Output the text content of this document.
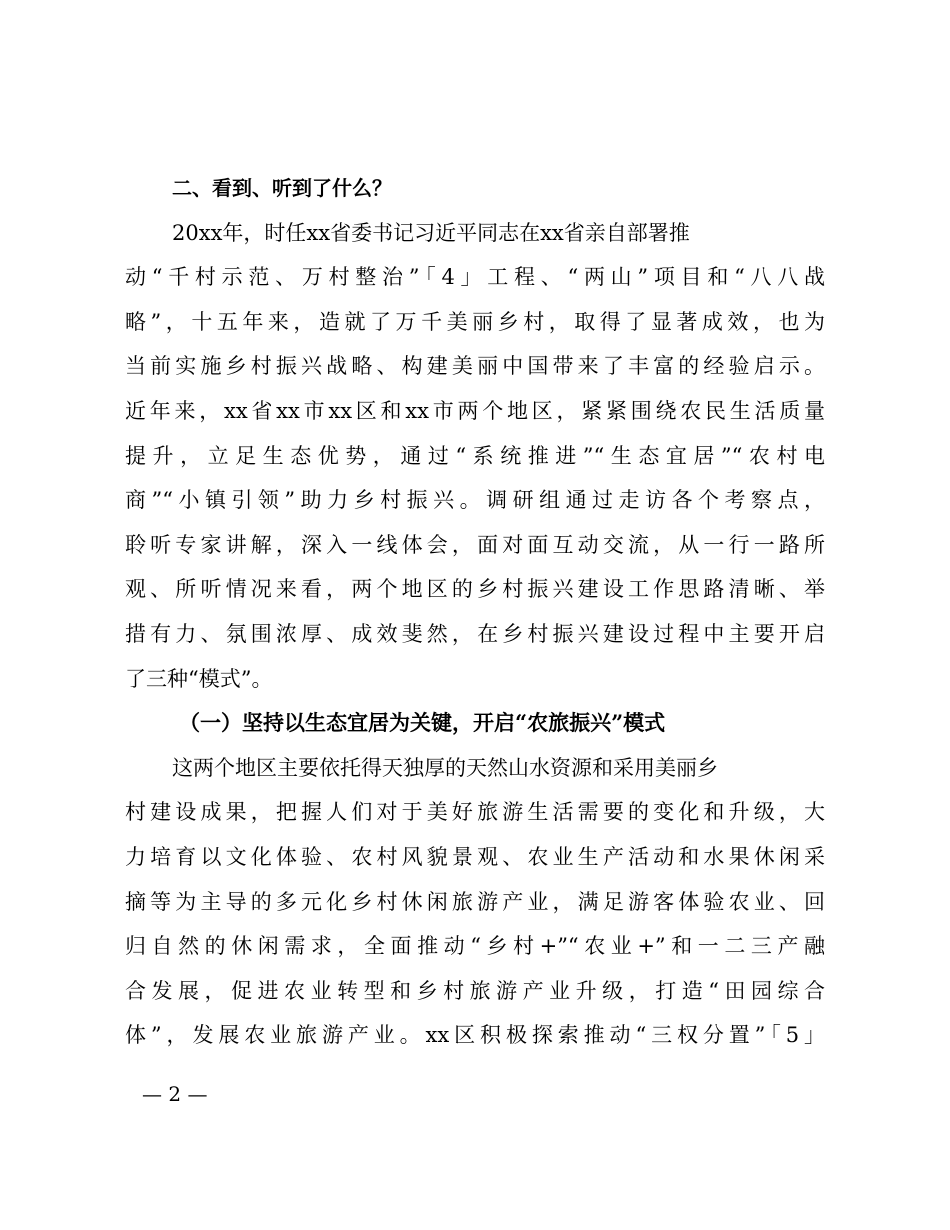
二、看到、听到了什么？
20xx年，时任xx省委书记习近平同志在xx省亲自部署推
动“千村示范、万村整治”「4」工程、“两山”项目和“八八战
略”，十五年来，造就了万千美丽乡村，取得了显著成效，也为
当前实施乡村振兴战略、构建美丽中国带来了丰富的经验启示。
近年来，xx省xx市xx区和xx市两个地区，紧紧围绕农民生活质量
提升，立足生态优势，通过“系统推进”“生态宜居”“农村电
商”“小镇引领”助力乡村振兴。调研组通过走访各个考察点，
聆听专家讲解，深入一线体会，面对面互动交流，从一行一路所
观、所听情况来看，两个地区的乡村振兴建设工作思路清晰、举
措有力、氛围浓厚、成效斐然，在乡村振兴建设过程中主要开启
了三种“模式”。
（一）坚持以生态宜居为关键，开启“农旅振兴”模式
这两个地区主要依托得天独厚的天然山水资源和采用美丽乡
村建设成果，把握人们对于美好旅游生活需要的变化和升级，大
力培育以文化体验、农村风貌景观、农业生产活动和水果休闲采
摘等为主导的多元化乡村休闲旅游产业，满足游客体验农业、回
归自然的休闲需求，全面推动“乡村+”“农业+”和一二三产融
合发展，促进农业转型和乡村旅游产业升级，打造“田园综合
体”，发展农业旅游产业。xx区积极探索推动“三权分置”「5」
— 2 —
